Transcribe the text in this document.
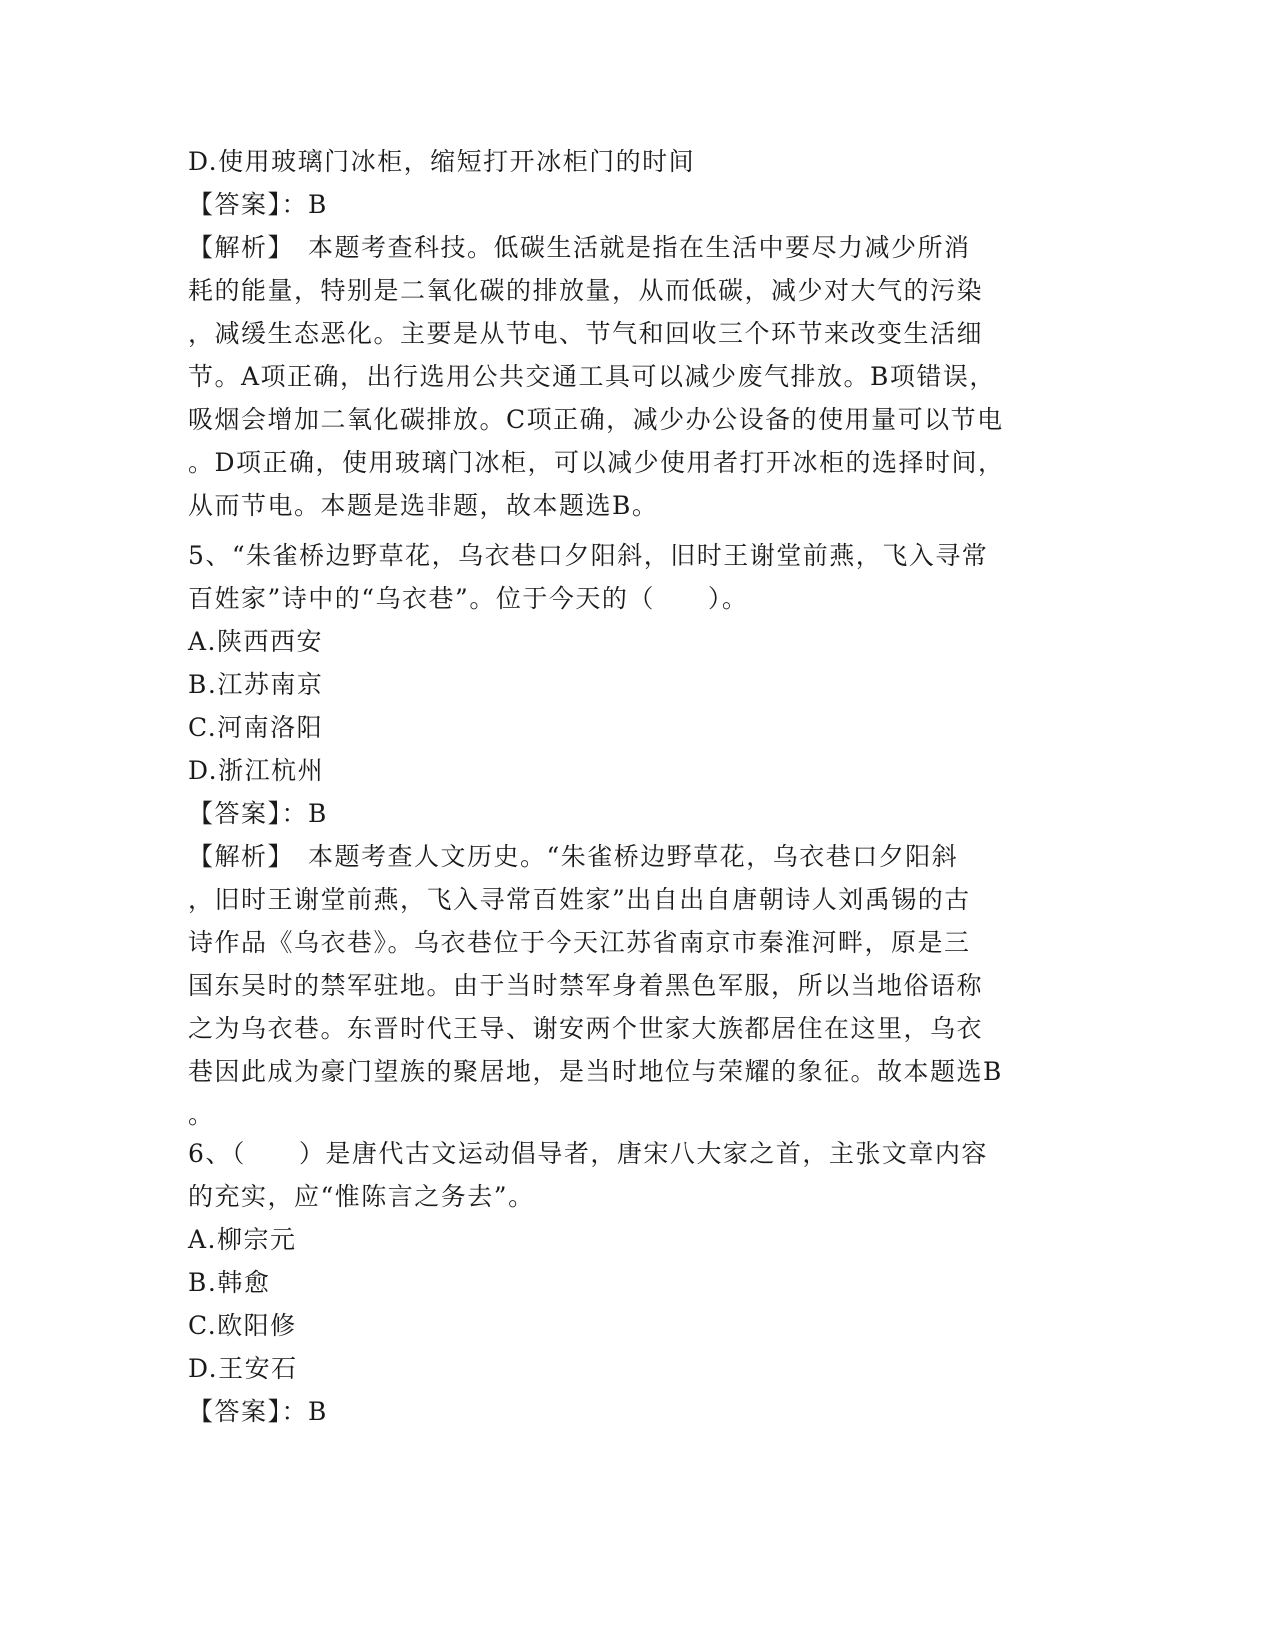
D.使用玻璃门冰柜，缩短打开冰柜门的时间
【答案】：B
【解析】　本题考查科技。低碳生活就是指在生活中要尽力减少所消
耗的能量，特别是二氧化碳的排放量，从而低碳，减少对大气的污染
，减缓生态恶化。主要是从节电、节气和回收三个环节来改变生活细
节。A项正确，出行选用公共交通工具可以减少废气排放。B项错误，
吸烟会增加二氧化碳排放。C项正确，减少办公设备的使用量可以节电
。D项正确，使用玻璃门冰柜，可以减少使用者打开冰柜的选择时间，
从而节电。本题是选非题，故本题选B。
5、“朱雀桥边野草花，乌衣巷口夕阳斜，旧时王谢堂前燕，飞入寻常
百姓家”诗中的“乌衣巷”。位于今天的（　　）。
A.陕西西安
B.江苏南京
C.河南洛阳
D.浙江杭州
【答案】：B
【解析】　本题考查人文历史。“朱雀桥边野草花，乌衣巷口夕阳斜
，旧时王谢堂前燕，飞入寻常百姓家”出自出自唐朝诗人刘禹锡的古
诗作品《乌衣巷》。乌衣巷位于今天江苏省南京市秦淮河畔，原是三
国东吴时的禁军驻地。由于当时禁军身着黑色军服，所以当地俗语称
之为乌衣巷。东晋时代王导、谢安两个世家大族都居住在这里，乌衣
巷因此成为豪门望族的聚居地，是当时地位与荣耀的象征。故本题选B
。
6、（　　）是唐代古文运动倡导者，唐宋八大家之首，主张文章内容
的充实，应“惟陈言之务去”。
A.柳宗元
B.韩愈
C.欧阳修
D.王安石
【答案】：B
